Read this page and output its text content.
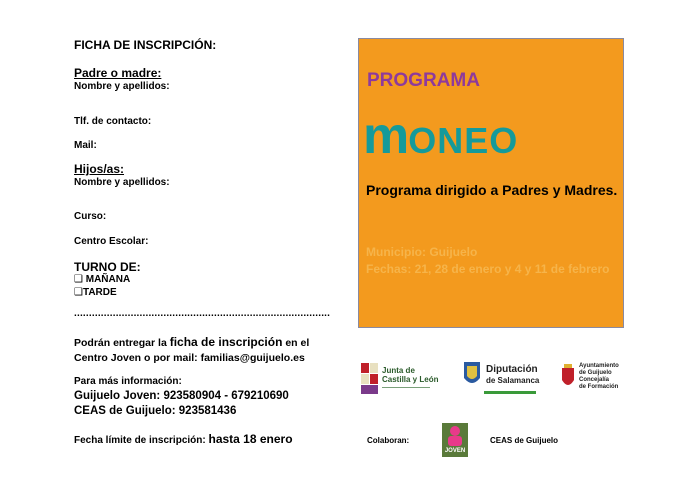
FICHA DE INSCRIPCIÓN:
Padre o madre:
Nombre y apellidos:
Tlf. de contacto:
Mail:
Hijos/as:
Nombre y apellidos:
Curso:
Centro Escolar:
TURNO DE:
❑ MAÑANA
❑TARDE
......................................................................................
Podrán entregar la ficha de inscripción en el
Centro Joven o por mail: familias@guijuelo.es
Para más información:
Guijuelo Joven: 923580904 - 679210690
CEAS de Guijuelo: 923581436
Fecha límite de inscripción: hasta 18 enero
PROGRAMA
mONEO
Programa dirigido a Padres y Madres.
Municipio: Guijuelo
Fechas: 21, 28 de enero y 4 y 11 de febrero
Junta de
Castilla y León
Diputación
de Salamanca
Ayuntamiento
de Guijuelo
Concejalía
de Formación
Colaboran:
JOVEN
CEAS de Guijuelo
